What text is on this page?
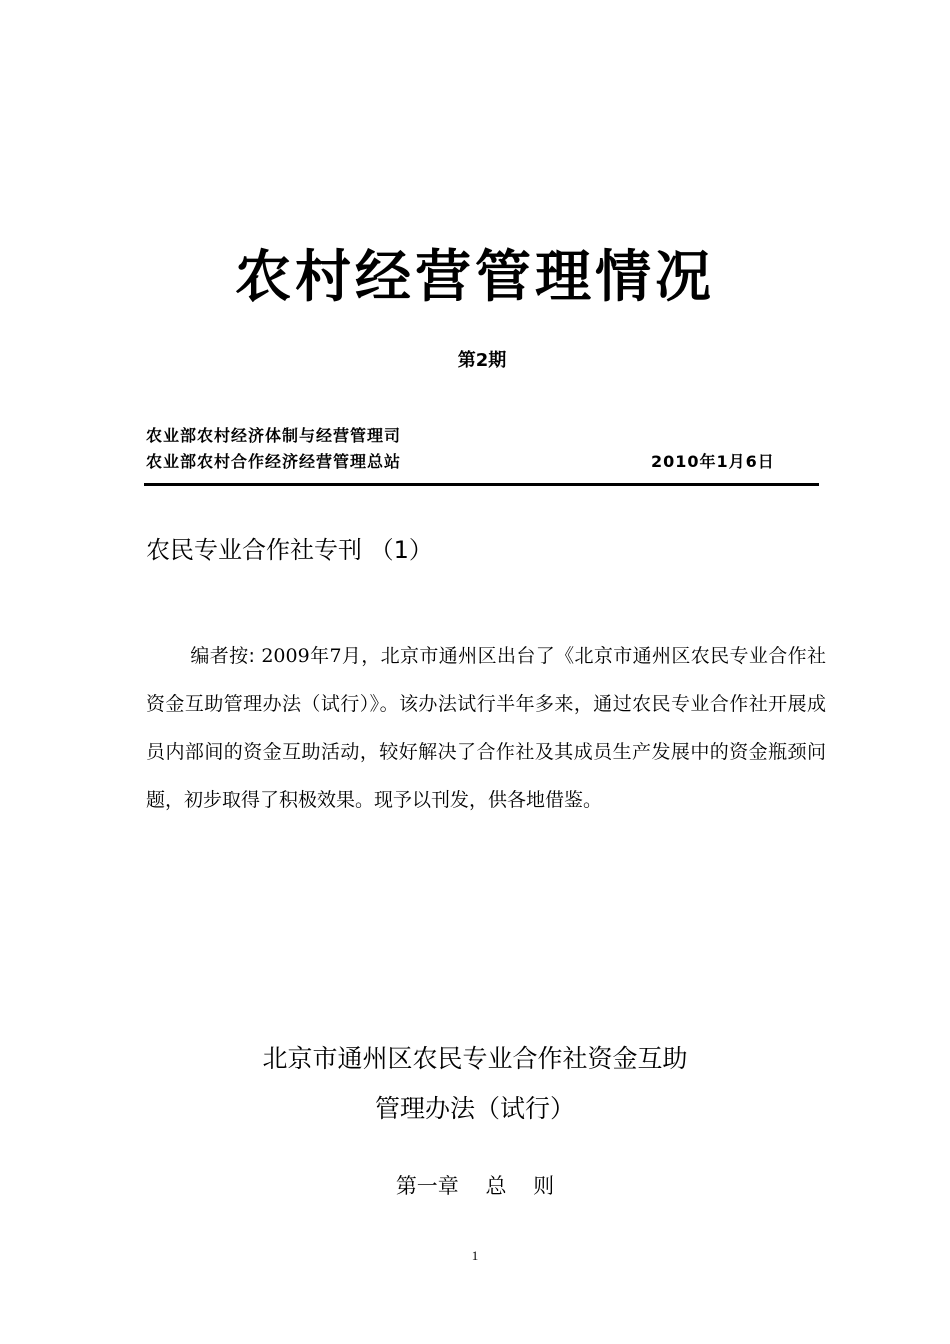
农村经营管理情况
第2期
农业部农村经济体制与经营管理司
农业部农村合作经济经营管理总站	2010年1月6日
农民专业合作社专刊 （1）
编者按: 2009年7月，北京市通州区出台了《北京市通州区农民专业合作社资金互助管理办法（试行）》。该办法试行半年多来，通过农民专业合作社开展成员内部间的资金互助活动，较好解决了合作社及其成员生产发展中的资金瓶颈问题，初步取得了积极效果。现予以刊发，供各地借鉴。
北京市通州区农民专业合作社资金互助
管理办法（试行）
第一章 总 则
1
